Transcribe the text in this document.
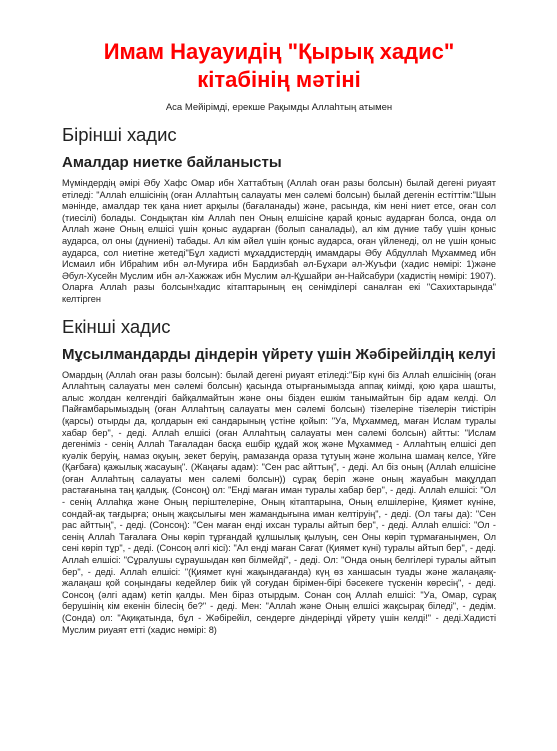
Имам Науауидің "Қырық хадис" кітабінің мәтіні
Аса Мейірімді, ерекше Рақымды Аллаһтың атымен
Бірінші хадис
Амалдар ниетке байланысты

Мүміндердің әмірі Әбу Хафс Омар ибн Хаттабтың (Аллаһ оған разы болсын) былай дегені риуаят етіледі: "Аллаһ елшісінің (оған Аллаһтың салауаты мен сәлемі болсын) былай дегенін естіттім:"Шын мәнінде, амалдар тек қана ниет арқылы (бағаланады) және, расында, кім нені ниет етсе, оған сол (тиесілі) болады. Сондықтан кім Аллаһ пен Оның елшісіне қарай қоныс аударған болса, онда ол Аллаһ және Оның елшісі үшін қоныс аударған (болып саналады), ал кім дүние табу үшін қоныс аударса, ол оны (дүниені) табады. Ал кім әйел үшін қоныс аударса, оған үйленеді, ол не үшін қоныс аударса, сол ниетіне жетеді"Бұл хадисті мұхаддистердің имамдары Әбу Абдуллаһ Мұхаммед ибн Исмаил ибн Ибраһим ибн әл-Муғира ибн Бардизбаһ әл-Бұхари әл-Жуъфи (хадис нөмірі: 1)және Әбул-Хусейн Муслим ибн әл-Хажжаж ибн Муслим әл-Құшайри ән-Найсабури (хадистің нөмірі: 1907). Оларға Аллаһ разы болсын!хадис кітаптарының ең сенімділері саналған екі "Сахихтарында" келтірген

Екінші хадис
Мұсылмандарды діндерін үйрету үшін Жәбірейілдің келуі

Омардың (Аллаһ оған разы болсын): былай дегені риуаят етіледі:"Бір күні біз Аллаһ елшісінің (оған Аллаһтың салауаты мен сәлемі болсын) қасында отырғанымызда аппақ киімді, қою қара шашты, алыс жолдан келгендігі байқалмайтын және оны бізден ешкім танымайтын бір адам келді. Ол Пайғамбарымыздың (оған Аллаһтың салауаты мен сәлемі болсын) тізелеріне тізелерін тиістірін (қарсы) отырды да, қолдарын екі сандарының үстіне қойып: "Уа, Мұхаммед, маған Ислам туралы хабар бер", - деді. Аллаһ елшісі (оған Аллаһтың салауаты мен сәлемі болсын) айтты: "Ислам дегеніміз - сенің Аллаһ Тағаладан басқа ешбір құдай жоқ және Мұхаммед - Аллаһтың елшісі деп куәлік беруің, намаз оқуың, зекет беруің, рамазанда ораза тұтуың және жолына шамаң келсе, Үйге (Қағбаға) қажылық жасауың". (Жаңағы адам): "Сен рас айттың", - деді. Ал біз оның (Аллаһ елшісіне (оған Аллаһтың салауаты мен сәлемі болсын)) сұрақ беріп және оның жауабын мақұлдап растағанына таң қалдық. (Сонсоң) ол: "Енді маған иман туралы хабар бер", - деді. Аллаһ елшісі: "Ол - сенің Аллаһқа және Оның періштелеріне, Оның кітаптарына, Оның елшілеріне, Қиямет күніне, сондай-ақ тағдырға; оның жақсылығы мен жамандығына иман келтіруің", - деді. (Ол тағы да): "Сен рас айттың", - деді. (Сонсоң): "Сен маған енді ихсан туралы айтып бер", - деді. Аллаһ елшісі: "Ол - сенің Аллаһ Тағалаға Оны көріп тұрғандай құлшылық қылуың, сен Оны көріп тұрмағаныңмен, Ол сені көріп тұр", - деді. (Сонсоң әлгі кісі): "Ал енді маған Сағат (Қиямет күні) туралы айтып бер", - деді. Аллаһ елшісі: "Сұралушы сұраушыдан көп білмейді", - деді. Ол: "Онда оның белгілері туралы айтып бер", - деді. Аллаһ елшісі: "(Қиямет күні жақындағанда) күң өз ханшасын туады және жалаңаяқ-жалаңаш қой соңындағы кедейлер биік үй соғудан бірімен-бірі бәсекеге түскенін көресің", - деді. Сонсоң (әлгі адам) кетіп қалды. Мен біраз отырдым. Сонан соң Аллаһ елшісі: "Уа, Омар, сұрақ берушінің кім екенін білесің бе?" - деді. Мен: "Аллаһ және Оның елшісі жақсырақ біледі", - дедім. (Сонда) ол: "Ақиқатында, бұл - Жәбірейіл, сендерге діндеріңді үйрету үшін келді!" - деді.Хадисті Муслим риуаят етті (хадис нөмірі: 8)
